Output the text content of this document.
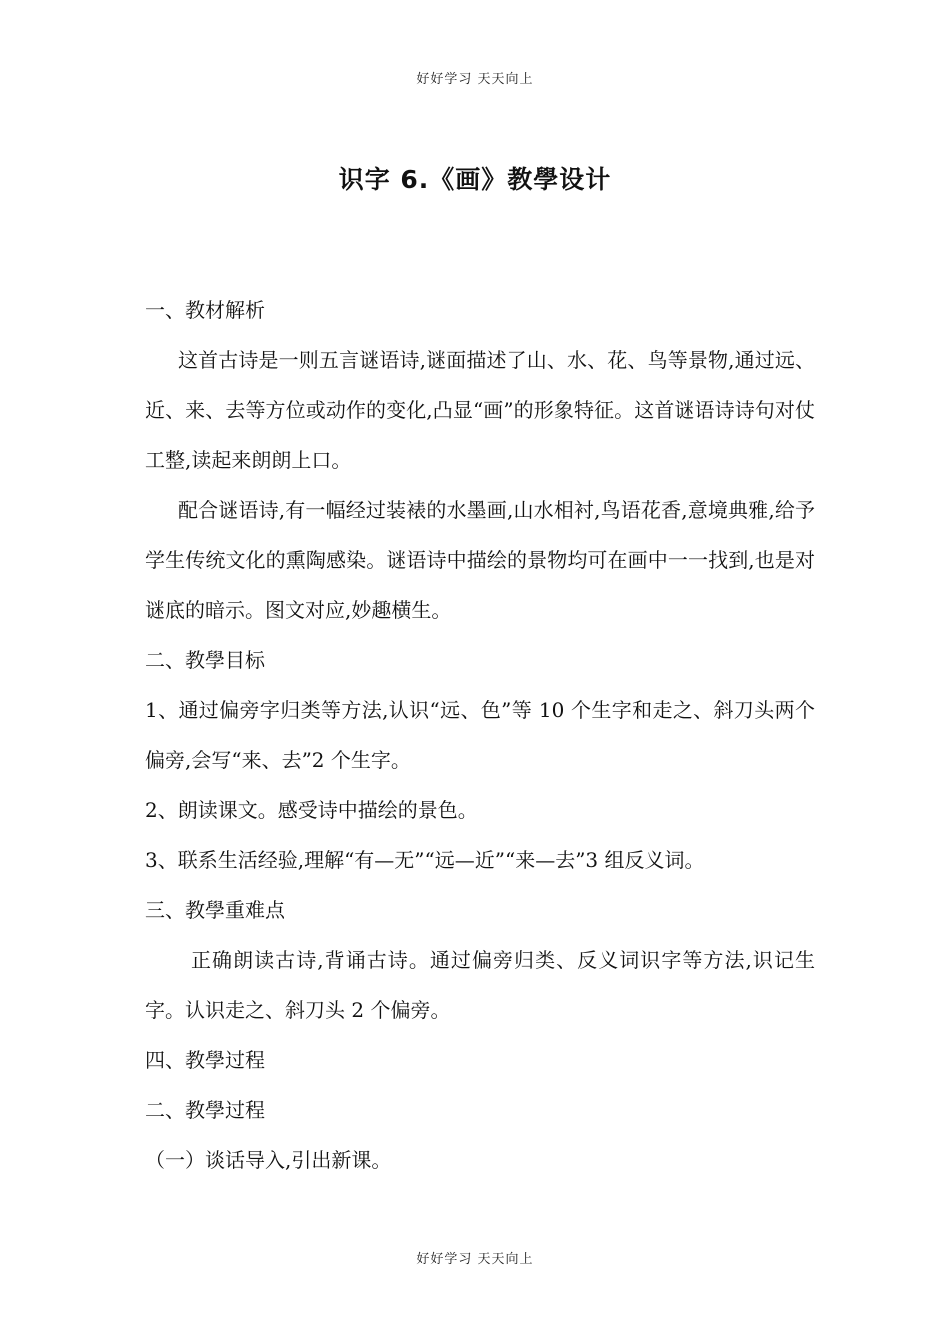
好好学习 天天向上
识字 6.《画》教學设计

一、教材解析

这首古诗是一则五言谜语诗,谜面描述了山、水、花、鸟等景物,通过远、近、来、去等方位或动作的变化,凸显“画”的形象特征。这首谜语诗诗句对仗工整,读起来朗朗上口。

配合谜语诗,有一幅经过装裱的水墨画,山水相衬,鸟语花香,意境典雅,给予学生传统文化的熏陶感染。谜语诗中描绘的景物均可在画中一一找到,也是对谜底的暗示。图文对应,妙趣横生。

二、教學目标

1、通过偏旁字归类等方法,认识“远、色”等 10 个生字和走之、斜刀头两个偏旁,会写“来、去”2 个生字。

2、朗读课文。感受诗中描绘的景色。

3、联系生活经验,理解“有—无”“远—近”“来—去”3 组反义词。

三、教學重难点

正确朗读古诗,背诵古诗。通过偏旁归类、反义词识字等方法,识记生字。认识走之、斜刀头 2 个偏旁。

四、教學过程

二、教學过程

（一）谈话导入,引出新课。

好好学习 天天向上
